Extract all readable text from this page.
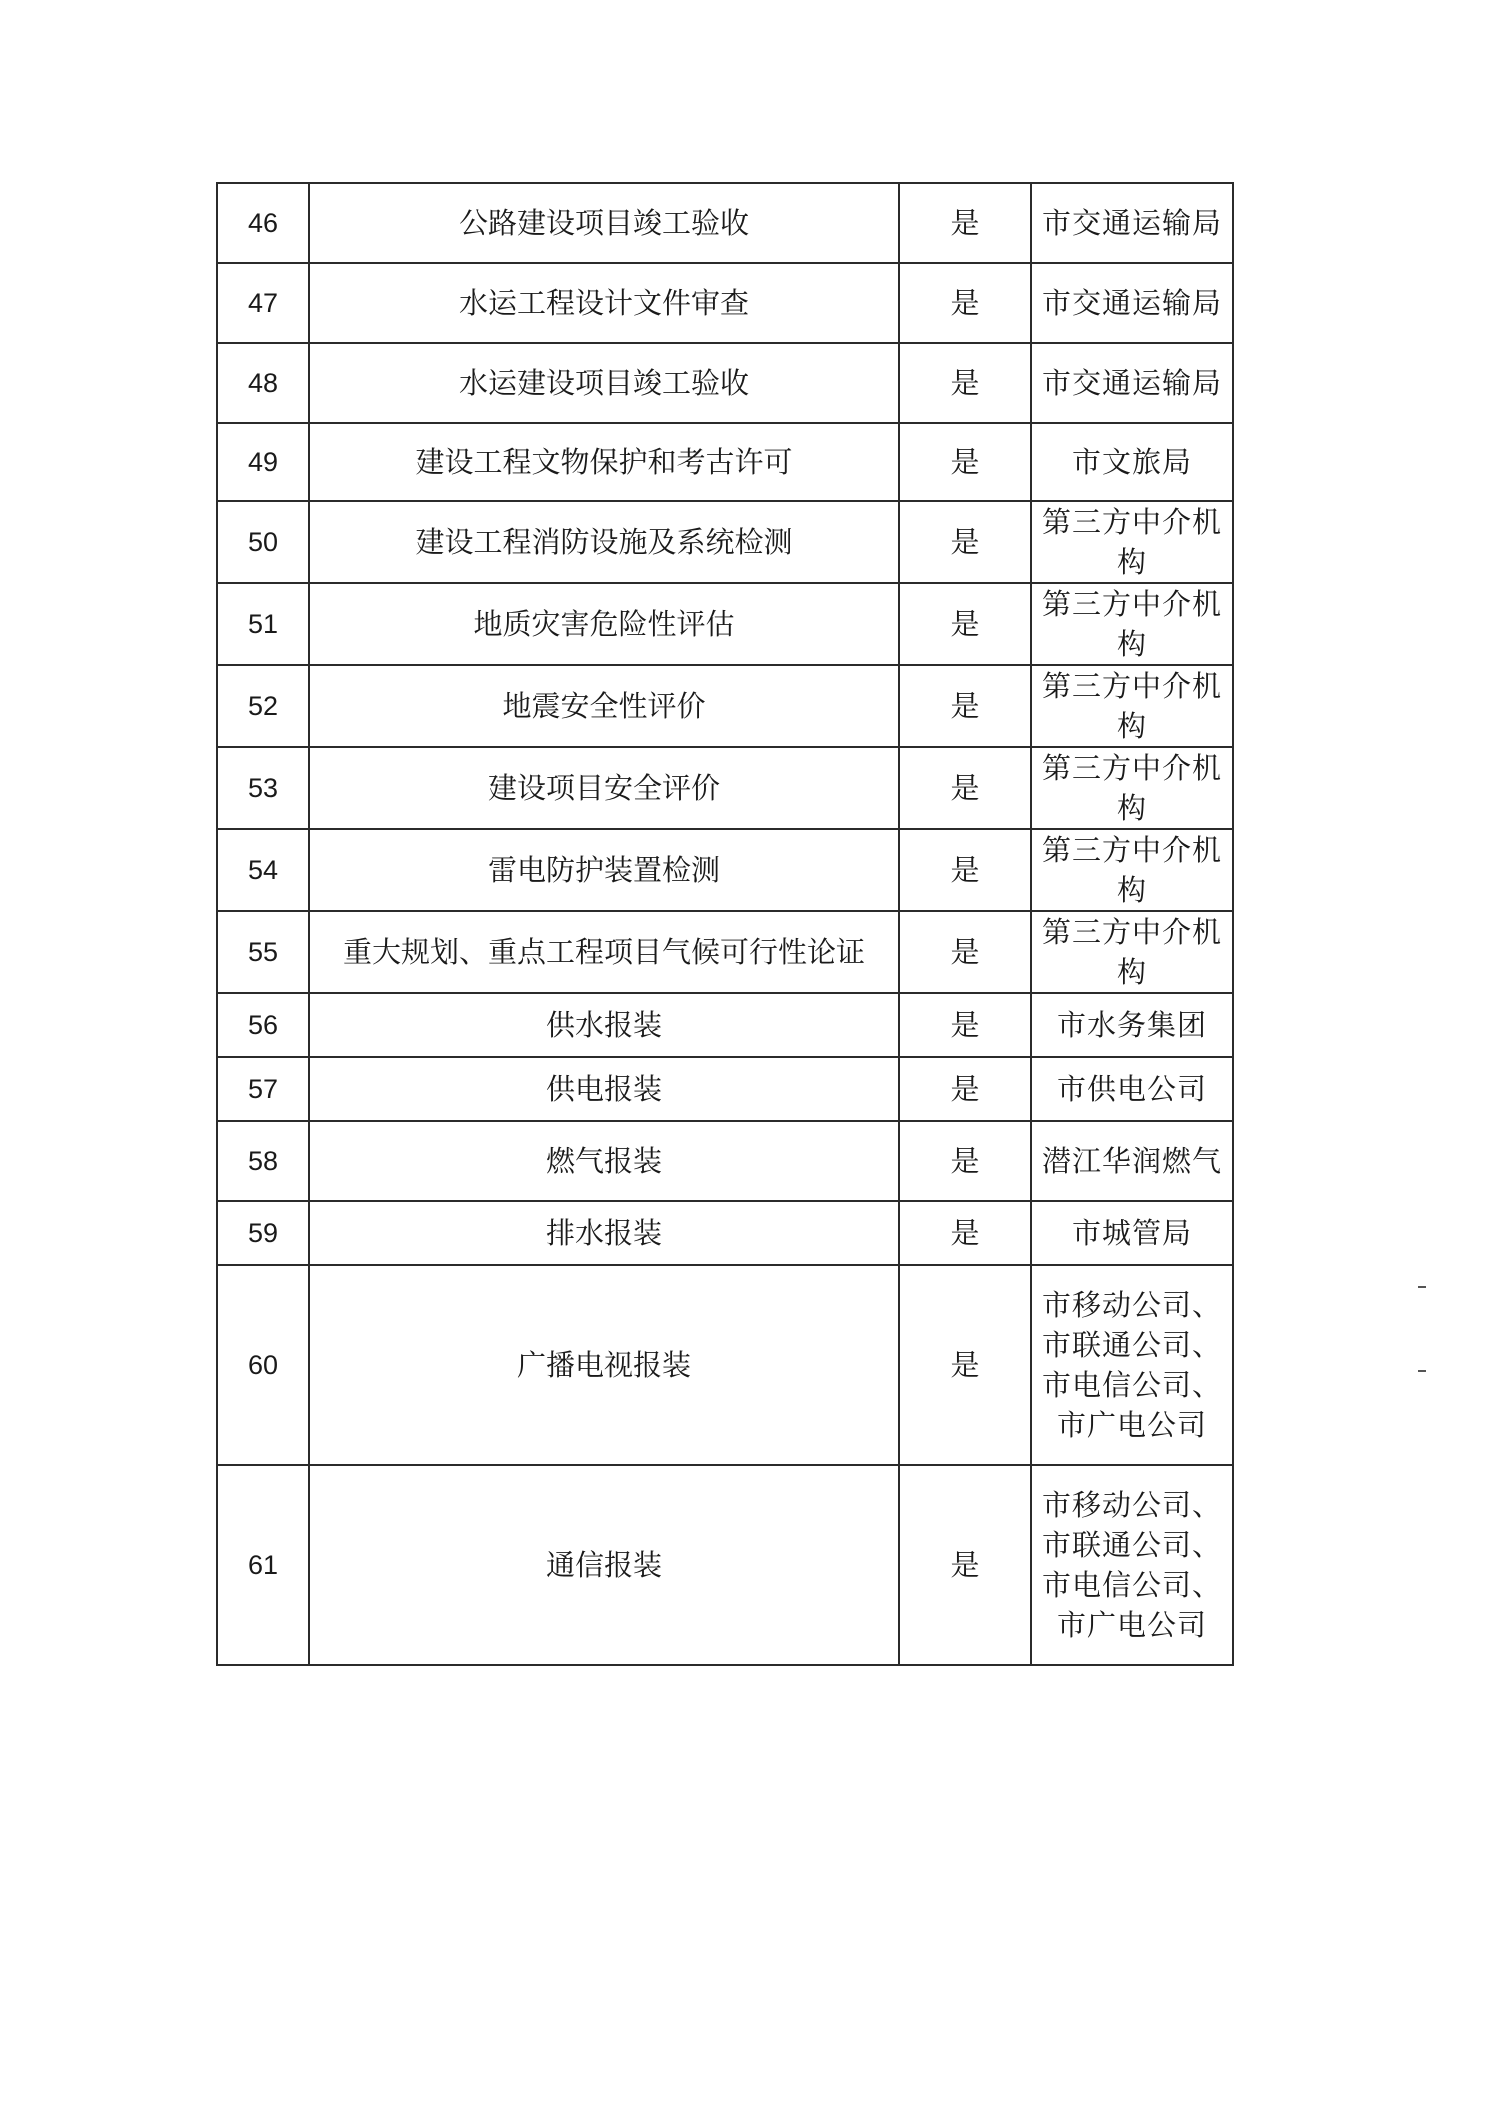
46	公路建设项目竣工验收	是	市交通运输局
47	水运工程设计文件审查	是	市交通运输局
48	水运建设项目竣工验收	是	市交通运输局
49	建设工程文物保护和考古许可	是	市文旅局
50	建设工程消防设施及系统检测	是	第三方中介机构
51	地质灾害危险性评估	是	第三方中介机构
52	地震安全性评价	是	第三方中介机构
53	建设项目安全评价	是	第三方中介机构
54	雷电防护装置检测	是	第三方中介机构
55	重大规划、重点工程项目气候可行性论证	是	第三方中介机构
56	供水报装	是	市水务集团
57	供电报装	是	市供电公司
58	燃气报装	是	潜江华润燃气
59	排水报装	是	市城管局
60	广播电视报装	是	市移动公司、市联通公司、市电信公司、市广电公司
61	通信报装	是	市移动公司、市联通公司、市电信公司、市广电公司
